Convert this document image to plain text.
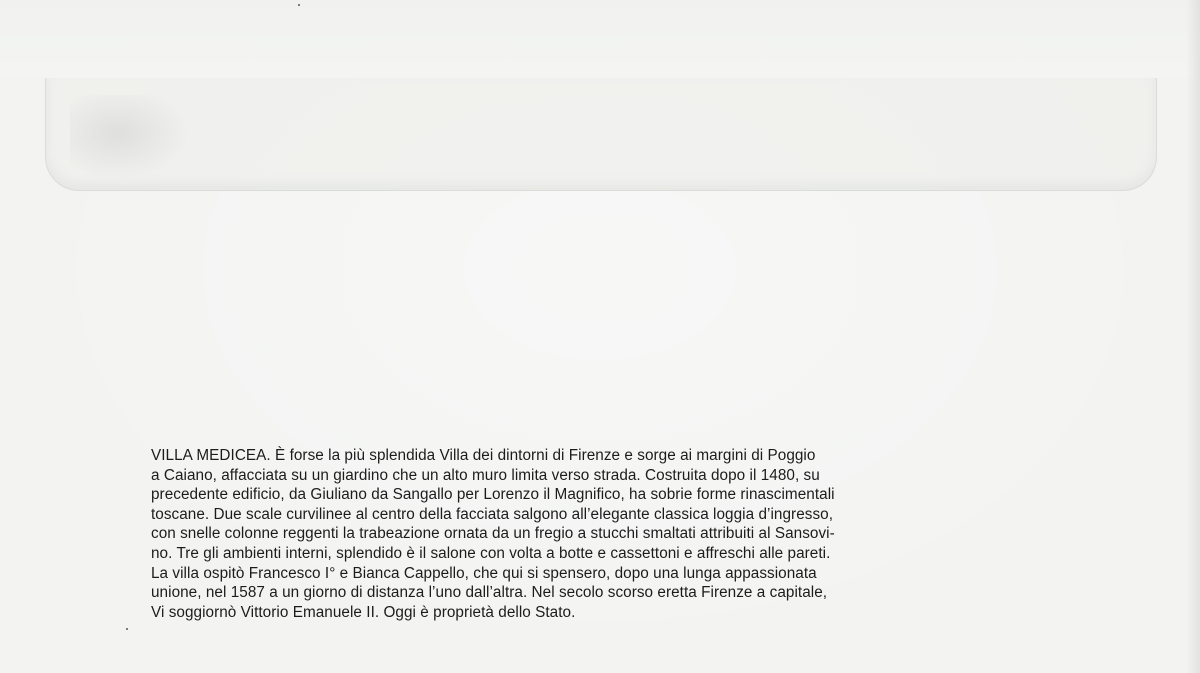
VILLA MEDICEA. È forse la più splendida Villa dei dintorni di Firenze e sorge ai margini di Poggio
a Caiano, affacciata su un giardino che un alto muro limita verso strada. Costruita dopo il 1480, su
precedente edificio, da Giuliano da Sangallo per Lorenzo il Magnifico, ha sobrie forme rinascimentali
toscane. Due scale curvilinee al centro della facciata salgono all’elegante classica loggia d’ingresso,
con snelle colonne reggenti la trabeazione ornata da un fregio a stucchi smaltati attribuiti al Sansovi-
no. Tre gli ambienti interni, splendido è il salone con volta a botte e cassettoni e affreschi alle pareti.
La villa ospitò Francesco I° e Bianca Cappello, che qui si spensero, dopo una lunga appassionata
unione, nel 1587 a un giorno di distanza l’uno dall’altra. Nel secolo scorso eretta Firenze a capitale,
Vi soggiornò Vittorio Emanuele II. Oggi è proprietà dello Stato.
